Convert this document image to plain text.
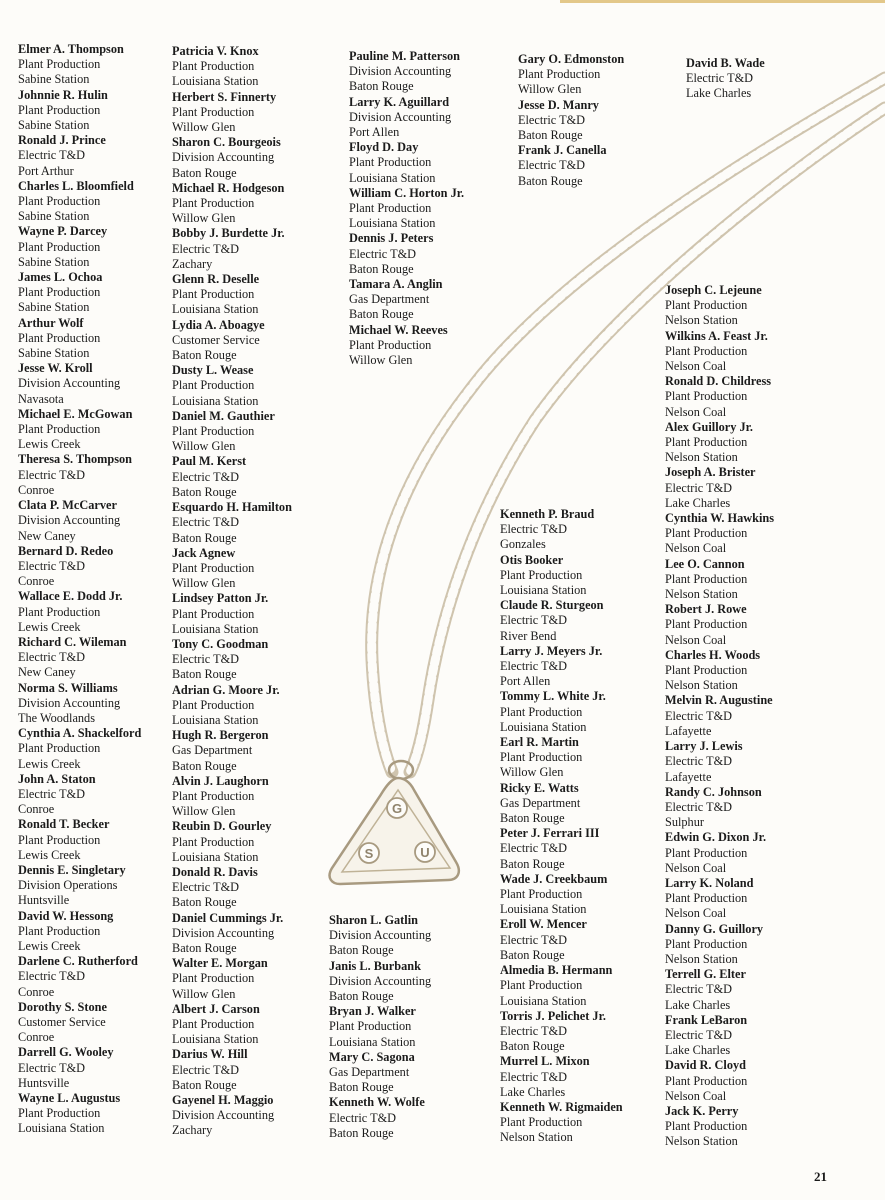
G
S	U
Elmer A. Thompson
Plant Production
Sabine Station
Johnnie R. Hulin
Plant Production
Sabine Station
Ronald J. Prince
Electric T&D
Port Arthur
Charles L. Bloomfield
Plant Production
Sabine Station
Wayne P. Darcey
Plant Production
Sabine Station
James L. Ochoa
Plant Production
Sabine Station
Arthur Wolf
Plant Production
Sabine Station
Jesse W. Kroll
Division Accounting
Navasota
Michael E. McGowan
Plant Production
Lewis Creek
Theresa S. Thompson
Electric T&D
Conroe
Clata P. McCarver
Division Accounting
New Caney
Bernard D. Redeo
Electric T&D
Conroe
Wallace E. Dodd Jr.
Plant Production
Lewis Creek
Richard C. Wileman
Electric T&D
New Caney
Norma S. Williams
Division Accounting
The Woodlands
Cynthia A. Shackelford
Plant Production
Lewis Creek
John A. Staton
Electric T&D
Conroe
Ronald T. Becker
Plant Production
Lewis Creek
Dennis E. Singletary
Division Operations
Huntsville
David W. Hessong
Plant Production
Lewis Creek
Darlene C. Rutherford
Electric T&D
Conroe
Dorothy S. Stone
Customer Service
Conroe
Darrell G. Wooley
Electric T&D
Huntsville
Wayne L. Augustus
Plant Production
Louisiana Station
Patricia V. Knox
Plant Production
Louisiana Station
Herbert S. Finnerty
Plant Production
Willow Glen
Sharon C. Bourgeois
Division Accounting
Baton Rouge
Michael R. Hodgeson
Plant Production
Willow Glen
Bobby J. Burdette Jr.
Electric T&D
Zachary
Glenn R. Deselle
Plant Production
Louisiana Station
Lydia A. Aboagye
Customer Service
Baton Rouge
Dusty L. Wease
Plant Production
Louisiana Station
Daniel M. Gauthier
Plant Production
Willow Glen
Paul M. Kerst
Electric T&D
Baton Rouge
Esquardo H. Hamilton
Electric T&D
Baton Rouge
Jack Agnew
Plant Production
Willow Glen
Lindsey Patton Jr.
Plant Production
Louisiana Station
Tony C. Goodman
Electric T&D
Baton Rouge
Adrian G. Moore Jr.
Plant Production
Louisiana Station
Hugh R. Bergeron
Gas Department
Baton Rouge
Alvin J. Laughorn
Plant Production
Willow Glen
Reubin D. Gourley
Plant Production
Louisiana Station
Donald R. Davis
Electric T&D
Baton Rouge
Daniel Cummings Jr.
Division Accounting
Baton Rouge
Walter E. Morgan
Plant Production
Willow Glen
Albert J. Carson
Plant Production
Louisiana Station
Darius W. Hill
Electric T&D
Baton Rouge
Gayenel H. Maggio
Division Accounting
Zachary
Pauline M. Patterson
Division Accounting
Baton Rouge
Larry K. Aguillard
Division Accounting
Port Allen
Floyd D. Day
Plant Production
Louisiana Station
William C. Horton Jr.
Plant Production
Louisiana Station
Dennis J. Peters
Electric T&D
Baton Rouge
Tamara A. Anglin
Gas Department
Baton Rouge
Michael W. Reeves
Plant Production
Willow Glen
Gary O. Edmonston
Plant Production
Willow Glen
Jesse D. Manry
Electric T&D
Baton Rouge
Frank J. Canella
Electric T&D
Baton Rouge
David B. Wade
Electric T&D
Lake Charles
Sharon L. Gatlin
Division Accounting
Baton Rouge
Janis L. Burbank
Division Accounting
Baton Rouge
Bryan J. Walker
Plant Production
Louisiana Station
Mary C. Sagona
Gas Department
Baton Rouge
Kenneth W. Wolfe
Electric T&D
Baton Rouge
Kenneth P. Braud
Electric T&D
Gonzales
Otis Booker
Plant Production
Louisiana Station
Claude R. Sturgeon
Electric T&D
River Bend
Larry J. Meyers Jr.
Electric T&D
Port Allen
Tommy L. White Jr.
Plant Production
Louisiana Station
Earl R. Martin
Plant Production
Willow Glen
Ricky E. Watts
Gas Department
Baton Rouge
Peter J. Ferrari III
Electric T&D
Baton Rouge
Wade J. Creekbaum
Plant Production
Louisiana Station
Eroll W. Mencer
Electric T&D
Baton Rouge
Almedia B. Hermann
Plant Production
Louisiana Station
Torris J. Pelichet Jr.
Electric T&D
Baton Rouge
Murrel L. Mixon
Electric T&D
Lake Charles
Kenneth W. Rigmaiden
Plant Production
Nelson Station
Joseph C. Lejeune
Plant Production
Nelson Station
Wilkins A. Feast Jr.
Plant Production
Nelson Coal
Ronald D. Childress
Plant Production
Nelson Coal
Alex Guillory Jr.
Plant Production
Nelson Station
Joseph A. Brister
Electric T&D
Lake Charles
Cynthia W. Hawkins
Plant Production
Nelson Coal
Lee O. Cannon
Plant Production
Nelson Station
Robert J. Rowe
Plant Production
Nelson Coal
Charles H. Woods
Plant Production
Nelson Station
Melvin R. Augustine
Electric T&D
Lafayette
Larry J. Lewis
Electric T&D
Lafayette
Randy C. Johnson
Electric T&D
Sulphur
Edwin G. Dixon Jr.
Plant Production
Nelson Coal
Larry K. Noland
Plant Production
Nelson Coal
Danny G. Guillory
Plant Production
Nelson Station
Terrell G. Elter
Electric T&D
Lake Charles
Frank LeBaron
Electric T&D
Lake Charles
David R. Cloyd
Plant Production
Nelson Coal
Jack K. Perry
Plant Production
Nelson Station
21
